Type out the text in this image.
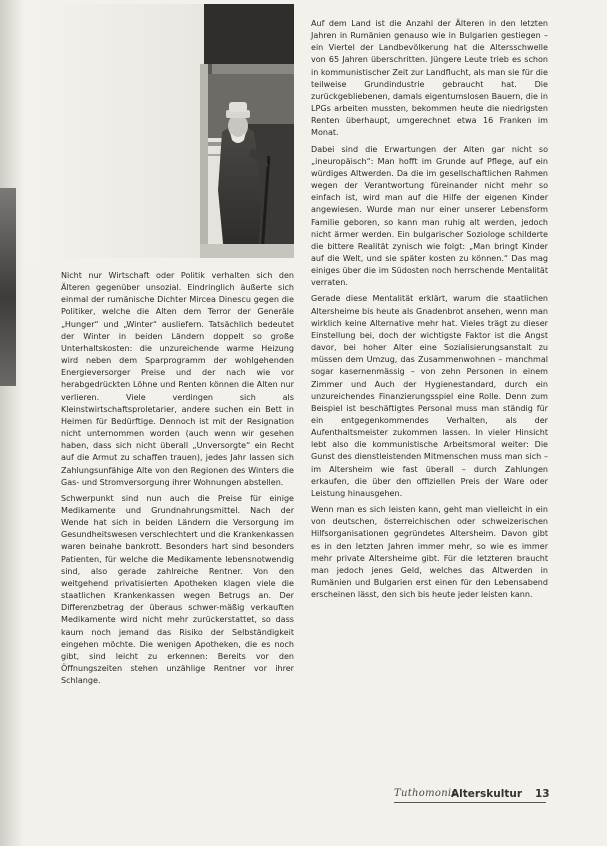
Nicht nur Wirtschaft oder Politik verhalten sich den Älteren gegenüber unsozial. Eindringlich äußerte sich einmal der rumänische Dichter Mircea Dinescu gegen die Politiker, welche die Alten dem Terror der Generäle „Hunger“ und „Winter“ ausliefern. Tatsächlich bedeutet der Winter in beiden Ländern doppelt so große Unterhaltskosten: die unzureichende warme Heizung wird neben dem Sparprogramm der wohlgehenden Energieversorger Preise und der nach wie vor herabgedrückten Löhne und Renten können die Alten nur verlieren. Viele verdingen sich als Kleinstwirtschaftsproletarier, andere suchen ein Bett in Heimen für Bedürftige. Dennoch ist mit der Resignation nicht unternommen worden (auch wenn wir gesehen haben, dass sich nicht überall „Unversorgte“ ein Recht auf die Armut zu schaffen trauen), jedes Jahr lassen sich Zahlungsunfähige Alte von den Regionen des Winters die Gas- und Stromversorgung ihrer Wohnungen abstellen.

Schwerpunkt sind nun auch die Preise für einige Medikamente und Grundnahrungsmittel. Nach der Wende hat sich in beiden Ländern die Versorgung im Gesundheitswesen verschlechtert und die Krankenkassen waren beinahe bankrott. Besonders hart sind besonders Patienten, für welche die Medikamente lebensnotwendig sind, also gerade zahlreiche Rentner. Von den weitgehend privatisierten Apotheken klagen viele die staatlichen Krankenkassen wegen Betrugs an. Der Differenzbetrag der überaus schwer-mäßig verkauften Medikamente wird nicht mehr zurückerstattet, so dass kaum noch jemand das Risiko der Selbständigkeit eingehen möchte. Die wenigen Apotheken, die es noch gibt, sind leicht zu erkennen: Bereits vor den Öffnungszeiten stehen unzählige Rentner vor ihrer Schlange.

Auf dem Land ist die Anzahl der Älteren in den letzten Jahren in Rumänien genauso wie in Bulgarien gestiegen – ein Viertel der Landbevölkerung hat die Altersschwelle von 65 Jahren überschritten. Jüngere Leute trieb es schon in kommunistischer Zeit zur Landflucht, als man sie für die teilweise Grundindustrie gebraucht hat. Die zurückgebliebenen, damals eigentumslosen Bauern, die in LPGs arbeiten mussten, bekommen heute die niedrigsten Renten überhaupt, umgerechnet etwa 16 Franken im Monat.

Dabei sind die Erwartungen der Alten gar nicht so „ineuropäisch“: Man hofft im Grunde auf Pflege, auf ein würdiges Altwerden. Da die im gesellschaftlichen Rahmen wegen der Verantwortung füreinander nicht mehr so einfach ist, wird man auf die Hilfe der eigenen Kinder angewiesen. Wurde man nur einer unserer Lebensform Familie geboren, so kann man ruhig alt werden, jedoch nicht ärmer werden. Ein bulgarischer Soziologe schilderte die bittere Realität zynisch wie folgt: „Man bringt Kinder auf die Welt, und sie später kosten zu können.“ Das mag einiges über die im Südosten noch herrschende Mentalität verraten.

Gerade diese Mentalität erklärt, warum die staatlichen Altersheime bis heute als Gnadenbrot ansehen, wenn man wirklich keine Alternative mehr hat. Vieles trägt zu dieser Einstellung bei, doch der wichtigste Faktor ist die Angst davor, bei hoher Alter eine Sozialisierungsanstalt zu müssen dem Umzug, das Zusammenwohnen – manchmal sogar kasernenmässig – von zehn Personen in einem Zimmer und Auch der Hygienestandard, durch ein unzureichendes Finanzierungsspiel eine Rolle. Denn zum Beispiel ist beschäftigtes Personal muss man ständig für ein entgegenkommendes Verhalten, als der Aufenthaltsmeister zukommen lassen. In vieler Hinsicht lebt also die kommunistische Arbeitsmoral weiter: Die Gunst des dienstleistenden Mitmenschen muss man sich – im Altersheim wie fast überall – durch Zahlungen erkaufen, die über den offiziellen Preis der Ware oder Leistung hinausgehen.

Wenn man es sich leisten kann, geht man vielleicht in ein von deutschen, österreichischen oder schweizerischen Hilfsorganisationen gegründetes Altersheim. Davon gibt es in den letzten Jahren immer mehr, so wie es immer mehr private Altersheime gibt. Für die letzteren braucht man jedoch jenes Geld, welches das Altwerden in Rumänien und Bulgarien erst einen für den Lebensabend erscheinen lässt, den sich bis heute jeder leisten kann.

Tuthomonis
Alterskultur 13
